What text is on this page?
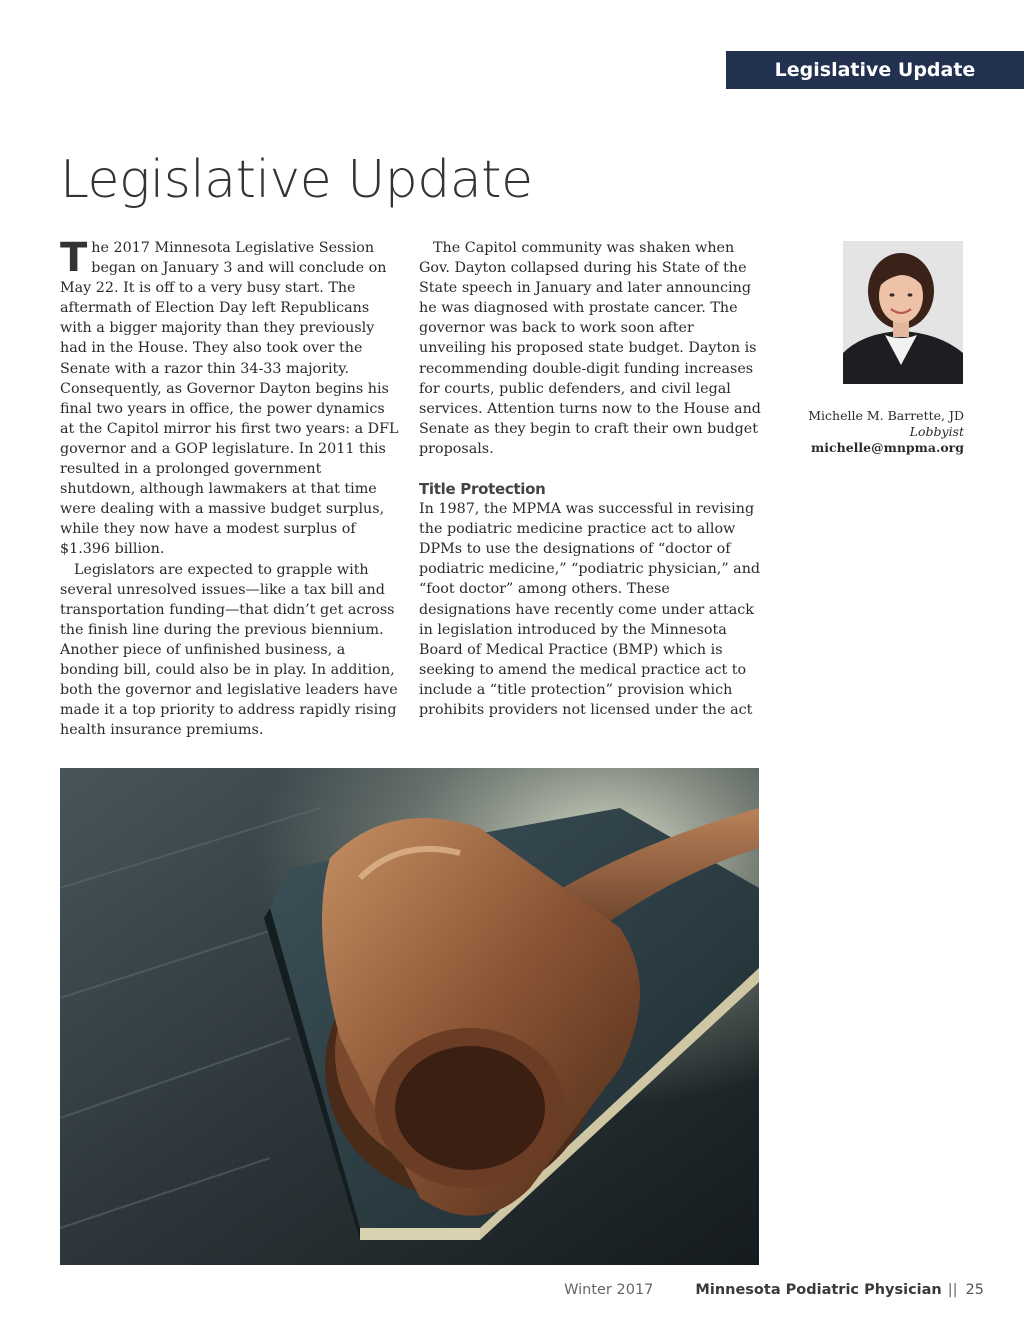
Legislative Update
Legislative Update

The 2017 Minnesota Legislative Session began on January 3 and will conclude on May 22. It is off to a very busy start. The aftermath of Election Day left Republicans with a bigger majority than they previously had in the House. They also took over the Senate with a razor thin 34-33 majority. Consequently, as Governor Dayton begins his final two years in office, the power dynamics at the Capitol mirror his first two years: a DFL governor and a GOP legislature. In 2011 this resulted in a prolonged government shutdown, although lawmakers at that time were dealing with a massive budget surplus, while they now have a modest surplus of $1.396 billion.

Legislators are expected to grapple with several unresolved issues—like a tax bill and transportation funding—that didn’t get across the finish line during the previous biennium. Another piece of unfinished business, a bonding bill, could also be in play. In addition, both the governor and legislative leaders have made it a top priority to address rapidly rising health insurance premiums.

The Capitol community was shaken when Gov. Dayton collapsed during his State of the State speech in January and later announcing he was diagnosed with prostate cancer. The governor was back to work soon after unveiling his proposed state budget. Dayton is recommending double-digit funding increases for courts, public defenders, and civil legal services. Attention turns now to the House and Senate as they begin to craft their own budget proposals.

Title Protection

In 1987, the MPMA was successful in revising the podiatric medicine practice act to allow DPMs to use the designations of “doctor of podiatric medicine,” “podiatric physician,” and “foot doctor” among others. These designations have recently come under attack in legislation introduced by the Minnesota Board of Medical Practice (BMP) which is seeking to amend the medical practice act to include a “title protection” provision which prohibits providers not licensed under the act

Michelle M. Barrette, JD
Lobbyist
michelle@mnpma.org
Winter 2017	Minnesota Podiatric Physician || 25
